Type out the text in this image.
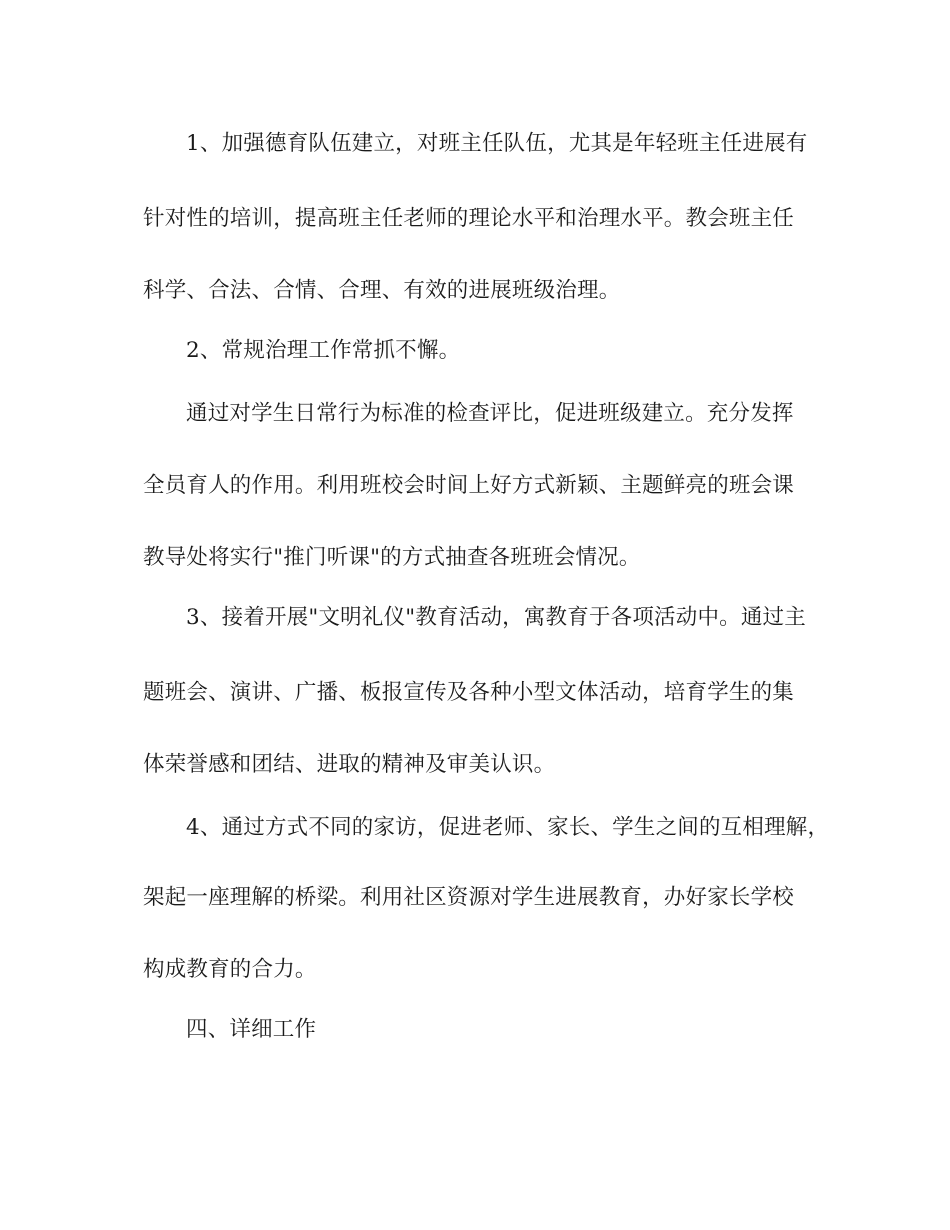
1、加强德育队伍建立，对班主任队伍，尤其是年轻班主任进展有
针对性的培训，提高班主任老师的理论水平和治理水平。教会班主任
科学、合法、合情、合理、有效的进展班级治理。
2、常规治理工作常抓不懈。
通过对学生日常行为标准的检查评比，促进班级建立。充分发挥
全员育人的作用。利用班校会时间上好方式新颖、主题鲜亮的班会课
教导处将实行"推门听课"的方式抽查各班班会情况。
3、接着开展"文明礼仪"教育活动，寓教育于各项活动中。通过主
题班会、演讲、广播、板报宣传及各种小型文体活动，培育学生的集
体荣誉感和团结、进取的精神及审美认识。
4、通过方式不同的家访，促进老师、家长、学生之间的互相理解，
架起一座理解的桥梁。利用社区资源对学生进展教育，办好家长学校
构成教育的合力。
四、详细工作
